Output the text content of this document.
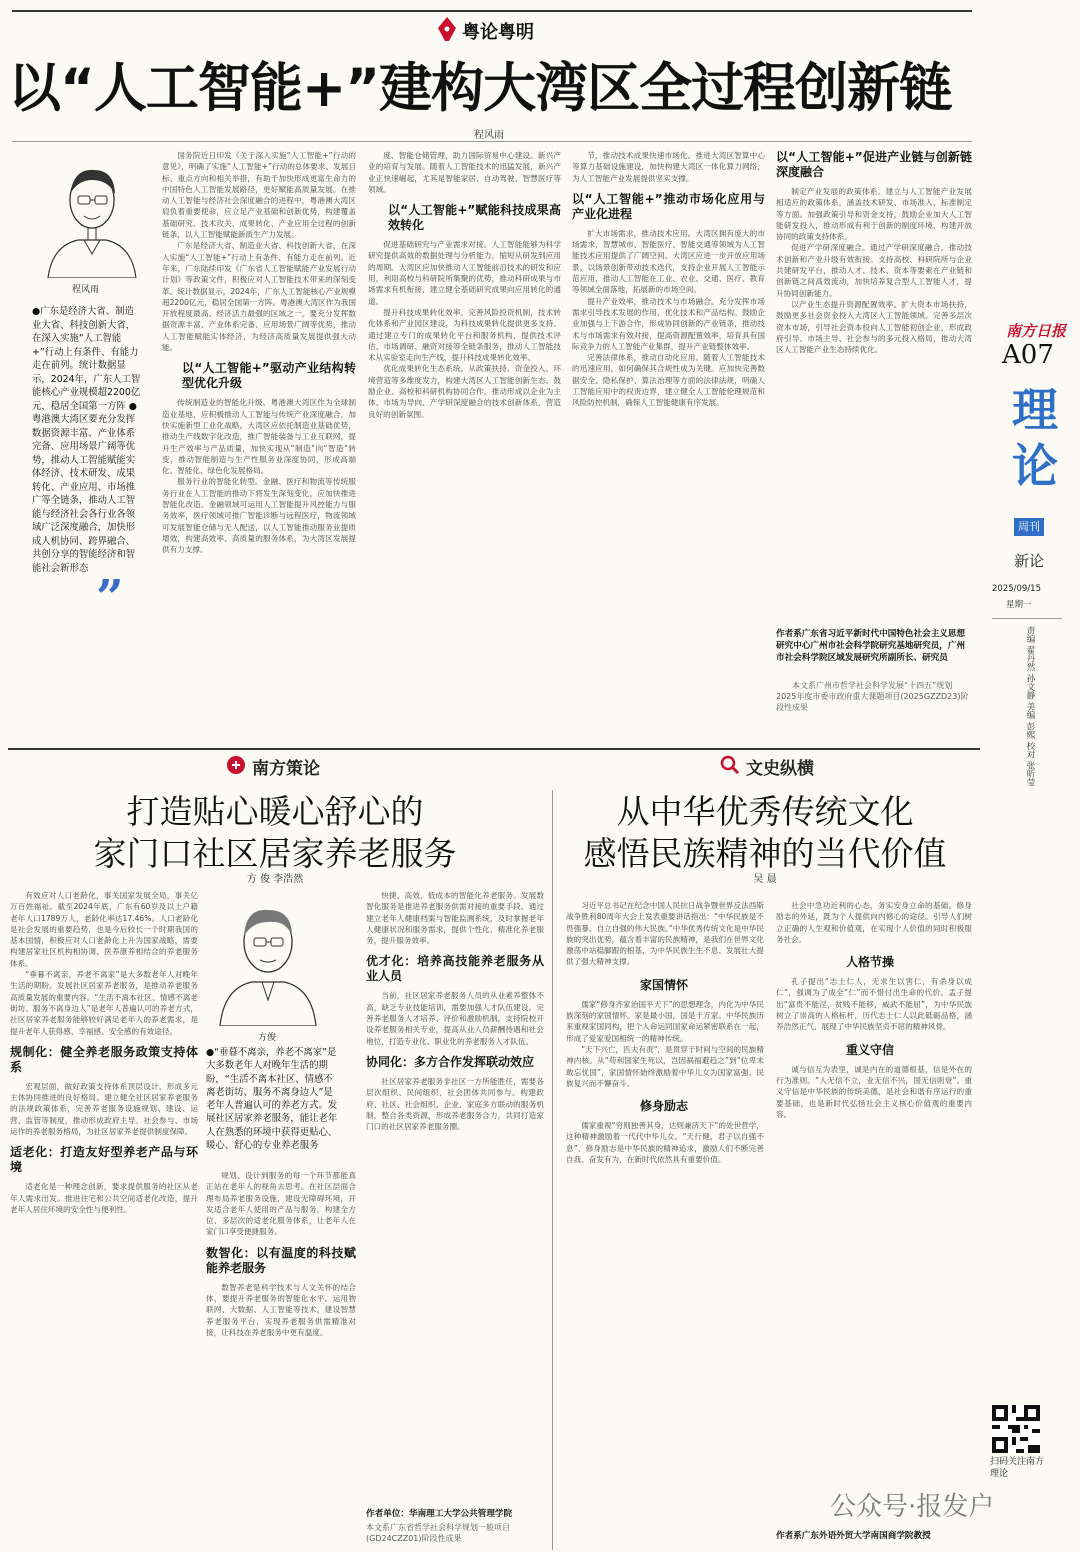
粤论粤明
以“人工智能+”建构大湾区全过程创新链
程风雨
程风雨
●广东是经济大省、制造业大省、科技创新大省，在深入实施“人工智能+”行动上有条件、有能力走在前列。统计数据显示，2024年，广东人工智能核心产业规模超2200亿元，稳居全国第一方阵 ●粤港澳大湾区要充分发挥数据资源丰富、产业体系完备、应用场景广阔等优势，推动人工智能赋能实体经济、技术研发、成果转化、产业应用、市场推广等全链条，推动人工智能与经济社会各行业各领域广泛深度融合，加快形成人机协同、跨界融合、共创分享的智能经济和智能社会新形态
”

国务院近日印发《关于深入实施“人工智能+”行动的意见》，明确了实施“人工智能+”行动的总体要求、发展目标、重点方向和相关举措，有助于加快形成更富生命力的中国特色人工智能发展路径，更好赋能高质量发展。 在推动人工智能与经济社会深度融合的进程中，粤港澳大湾区肩负着重要使命，应立足产业基础和创新优势，构建覆盖基础研究、技术攻关、成果转化、产业应用全过程的创新链条，以人工智能赋能新质生产力发展。

广东是经济大省、制造业大省、科技创新大省，在深入实施“人工智能+”行动上有条件、有能力走在前列。近年来，广东陆续印发《广东省人工智能赋能产业发展行动计划》等政策文件，积极应对人工智能技术带来的深刻变革。统计数据显示，2024年，广东人工智能核心产业规模超2200亿元，稳居全国第一方阵。 粤港澳大湾区作为我国开放程度最高、经济活力最强的区域之一，要充分发挥数据资源丰富、产业体系完备、应用场景广阔等优势，推动人工智能赋能实体经济，为经济高质量发展提供强大动能。

以“人工智能+”驱动产业结构转型优化升级

传统制造业的智能化升级。粤港澳大湾区作为全球制造业基地，应积极推动人工智能与传统产业深度融合，加快实施新型工业化战略。 大湾区应依托制造业基础优势，推动生产线数字化改造，推广智能装备与工业互联网，提升生产效率与产品质量，加快实现从“制造”向“智造”转变，推动智能制造与生产性服务业深度协同，形成高端化、智能化、绿色化发展格局。

服务行业的智能化转型。金融、医疗和物流等传统服务行业在人工智能的推动下将发生深刻变化，应加快推进智能化改造。 金融领域可运用人工智能提升风控能力与服务效率，医疗领域可推广智能诊断与远程医疗，物流领域可发展智能仓储与无人配送，以人工智能推动服务业提质增效，构建高效率、高质量的服务体系，为大湾区发展提供有力支撑。

度、智能仓储管理，助力国际贸易中心建设。新兴产业的培育与发展。随着人工智能技术的迅猛发展，新兴产业正快速崛起，尤其是智能家居、自动驾驶、智慧医疗等领域。

以“人工智能+”赋能科技成果高效转化

促进基础研究与产业需求对接。人工智能能够为科学研究提供高效的数据处理与分析能力，缩短从研发到应用的周期。 大湾区应加快推动人工智能前沿技术的研发和应用，利用高校与科研院所集聚的优势，推动科研成果与市场需求有机衔接，建立健全基础研究成果向应用转化的通道。

提升科技成果转化效率。完善风险投资机制，技术转化体系和产业园区建设，为科技成果转化提供更多支持。 通过建立专门的成果转化平台和服务机构，提供技术评估、市场调研、融资对接等全链条服务，推动人工智能技术从实验室走向生产线，提升科技成果转化效率。

优化成果转化生态系统。从政策扶持、资金投入、环境营造等多维度发力，构建大湾区人工智能创新生态。 鼓励企业、高校和科研机构协同合作，推动形成以企业为主体、市场为导向、产学研深度融合的技术创新体系，营造良好的创新氛围。

节，推动技术成果快速市场化。推进大湾区智算中心等算力基础设施建设，加快构建大湾区一体化算力网络，为人工智能产业发展提供坚实支撑。

以“人工智能+”推动市场化应用与产业化进程

扩大市场需求，推动技术应用。大湾区拥有庞大的市场需求，智慧城市、智能医疗、智能交通等领域为人工智能技术应用提供了广阔空间。 大湾区应进一步开放应用场景，以场景创新带动技术迭代，支持企业开展人工智能示范应用，推动人工智能在工业、农业、交通、医疗、教育等领域全面落地，拓展新的市场空间。

提升产业效率，推动技术与市场融合。充分发挥市场需求引导技术发展的作用，优化技术和产品结构。 鼓励企业加强与上下游合作，形成协同创新的产业链条，推动技术与市场需求有效对接，提高资源配置效率，培育具有国际竞争力的人工智能产业集群，提升产业链整体效率。

完善法律体系，推动自动化应用。随着人工智能技术的迅速应用，如何确保其合规性成为关键。 应加快完善数据安全、隐私保护、算法治理等方面的法律法规，明确人工智能应用中的权责边界，建立健全人工智能伦理规范和风险防控机制，确保人工智能健康有序发展。

以“人工智能+”促进产业链与创新链深度融合

制定产业发展的政策体系。建立与人工智能产业发展相适应的政策体系，涵盖技术研发、市场准入、标准制定等方面。 加强政策引导和资金支持，鼓励企业加大人工智能研发投入，推动形成有利于创新的制度环境，构建开放协同的政策支持体系。

促进产学研深度融合。通过产学研深度融合，推动技术创新和产业升级有效衔接。 支持高校、科研院所与企业共建研发平台，推动人才、技术、资本等要素在产业链和创新链之间高效流动，加快培养复合型人工智能人才，提升协同创新能力。

以产业生态提升资源配置效率。扩大资本市场扶持，鼓励更多社会资金投入大湾区人工智能领域。 完善多层次资本市场，引导社会资本投向人工智能初创企业，形成政府引导、市场主导、社会参与的多元投入格局，推动大湾区人工智能产业生态持续优化。

作者系广东省习近平新时代中国特色社会主义思想研究中心广州市社会科学院研究基地研究员，广州市社会科学院区域发展研究所副所长、研究员
本文系广州市哲学社会科学发展“十四五”规划2025年度市委市政府重大课题项目(2025GZZD23)阶段性成果
南方日报
A07
理论
周刊
新论
2025/09/15
星期一
责编 翟丹然 孙文静 美编 彭熙 校对 张昕莹
扫码关注南方理论
南方策论
打造贴心暖心舒心的
家门口社区居家养老服务
方 俊 李浩然
方俊
●“垂暮不离亲，养老不离家”是大多数老年人对晚年生活的期盼，“生活不离本社区、情感不离老街坊、服务不离身边人”是老年人普遍认可的养老方式。发展社区居家养老服务，能让老年人在熟悉的环境中获得更贴心、暖心、舒心的专业养老服务

有效应对人口老龄化，事关国家发展全局，事关亿万百姓福祉。截至2024年底，广东有60岁及以上户籍老年人口1789万人，老龄化率达17.46%。 人口老龄化是社会发展的重要趋势，也是今后较长一个时期我国的基本国情，积极应对人口老龄化上升为国家战略，需要构建居家社区机构相协调、医养康养相结合的养老服务体系。

“垂暮不离亲，养老不离家”是大多数老年人对晚年生活的期盼。发展社区居家养老服务，是推动养老服务高质量发展的重要内容。 “生活不离本社区、情感不离老街坊、服务不离身边人”是老年人普遍认可的养老方式，社区居家养老服务能够较好满足老年人的养老需求，是提升老年人获得感、幸福感、安全感的有效途径。

规制化：健全养老服务政策支持体系

宏观层面，做好政策支持体系顶层设计，形成多元主体协同推进的良好格局。 建立健全社区居家养老服务的法规政策体系，完善养老服务设施规划、建设、运营、监管等制度，推动形成政府主导、社会参与、市场运作的养老服务格局，为社区居家养老提供制度保障。

适老化：打造友好型养老产品与环境

适老化是一种理念创新，要求提供服务的社区从老年人需求出发。 推进住宅和公共空间适老化改造，提升老年人居住环境的安全性与便利性。

规划、设计到服务的每一个环节都能真正站在老年人的视角去思考。 在社区层面合理布局养老服务设施，建设无障碍环境，开发适合老年人使用的产品与服务，构建全方位、多层次的适老化服务体系，让老年人在家门口享受便捷服务。

数智化：以有温度的科技赋能养老服务

数智养老是科学技术与人文关怀的结合体，要提升养老服务的智能化水平。 运用物联网、大数据、人工智能等技术，建设智慧养老服务平台，实现养老服务供需精准对接，让科技在养老服务中更有温度。

快捷、高效、低成本的智能化养老服务。发展数智化服务是推进养老服务供需对接的重要手段。 通过建立老年人健康档案与智能监测系统，及时掌握老年人健康状况和服务需求，提供个性化、精准化养老服务，提升服务效率。

优才化：培养高技能养老服务从业人员

当前，社区居家养老服务人员的从业素养整体不高，缺乏专业技能培训，需要加强人才队伍建设。 完善养老服务人才培养、评价和激励机制，支持院校开设养老服务相关专业，提高从业人员薪酬待遇和社会地位，打造专业化、职业化的养老服务人才队伍。

协同化：多方合作发挥联动效应

社区居家养老服务非社区一方所能胜任，需要各层次组织、民间组织、社会团体共同参与。 构建政府、社区、社会组织、企业、家庭多方联动的服务机制，整合各类资源，形成养老服务合力，共同打造家门口的社区居家养老服务圈。

作者单位：华南理工大学公共管理学院
本文系广东省哲学社会科学规划一般项目(GD24CZZ01)阶段性成果
文史纵横
从中华优秀传统文化
感悟民族精神的当代价值
吴 晨

习近平总书记在纪念中国人民抗日战争暨世界反法西斯战争胜利80周年大会上发表重要讲话指出：“中华民族是不畏强暴、自立自强的伟大民族。” 中华优秀传统文化是中华民族的突出优势，蕴含着丰富的民族精神，是我们在世界文化激荡中站稳脚跟的根基，为中华民族生生不息、发展壮大提供了强大精神支撑。

家国情怀

儒家“修身齐家治国平天下”的思想理念，内化为中华民族深刻的家国情怀。 家是最小国，国是千万家。中华民族历来重视家国同构，把个人命运同国家命运紧密联系在一起，形成了爱家爱国相统一的精神传统。

“天下兴亡，匹夫有责”，是贯穿于时间与空间的民族精神内核。 从“苟利国家生死以，岂因祸福避趋之”到“位卑未敢忘忧国”，家国情怀始终激励着中华儿女为国家富强、民族复兴而不懈奋斗。

修身励志

儒家重视“穷则独善其身，达则兼济天下”的处世哲学，这种精神激励着一代代中华儿女。 “天行健，君子以自强不息”，修身励志是中华民族的精神追求，激励人们不断完善自我、奋发有为，在新时代依然具有重要价值。

社会中急功近利的心态，务实安身立命的基础。修身励志的外延，既为个人提供向内修心的途径。 引导人们树立正确的人生观和价值观，在实现个人价值的同时积极服务社会。

人格节操

孔子提出“志士仁人，无求生以害仁，有杀身以成仁”，强调为了成全“仁”而不惜付出生命的代价。 孟子提出“富贵不能淫，贫贱不能移，威武不能屈”，为中华民族树立了崇高的人格标杆，历代志士仁人以此砥砺品格，涵养浩然正气，展现了中华民族坚贞不屈的精神风骨。

重义守信

诚与信互为表里，诚是内在的道德根基，信是外在的行为准则。 “人无信不立，业无信不兴，国无信则衰”。重义守信是中华民族的传统美德，是社会和谐有序运行的重要基础，也是新时代弘扬社会主义核心价值观的重要内容。

作者系广东外语外贸大学南国商学院教授
公众号·报发户
